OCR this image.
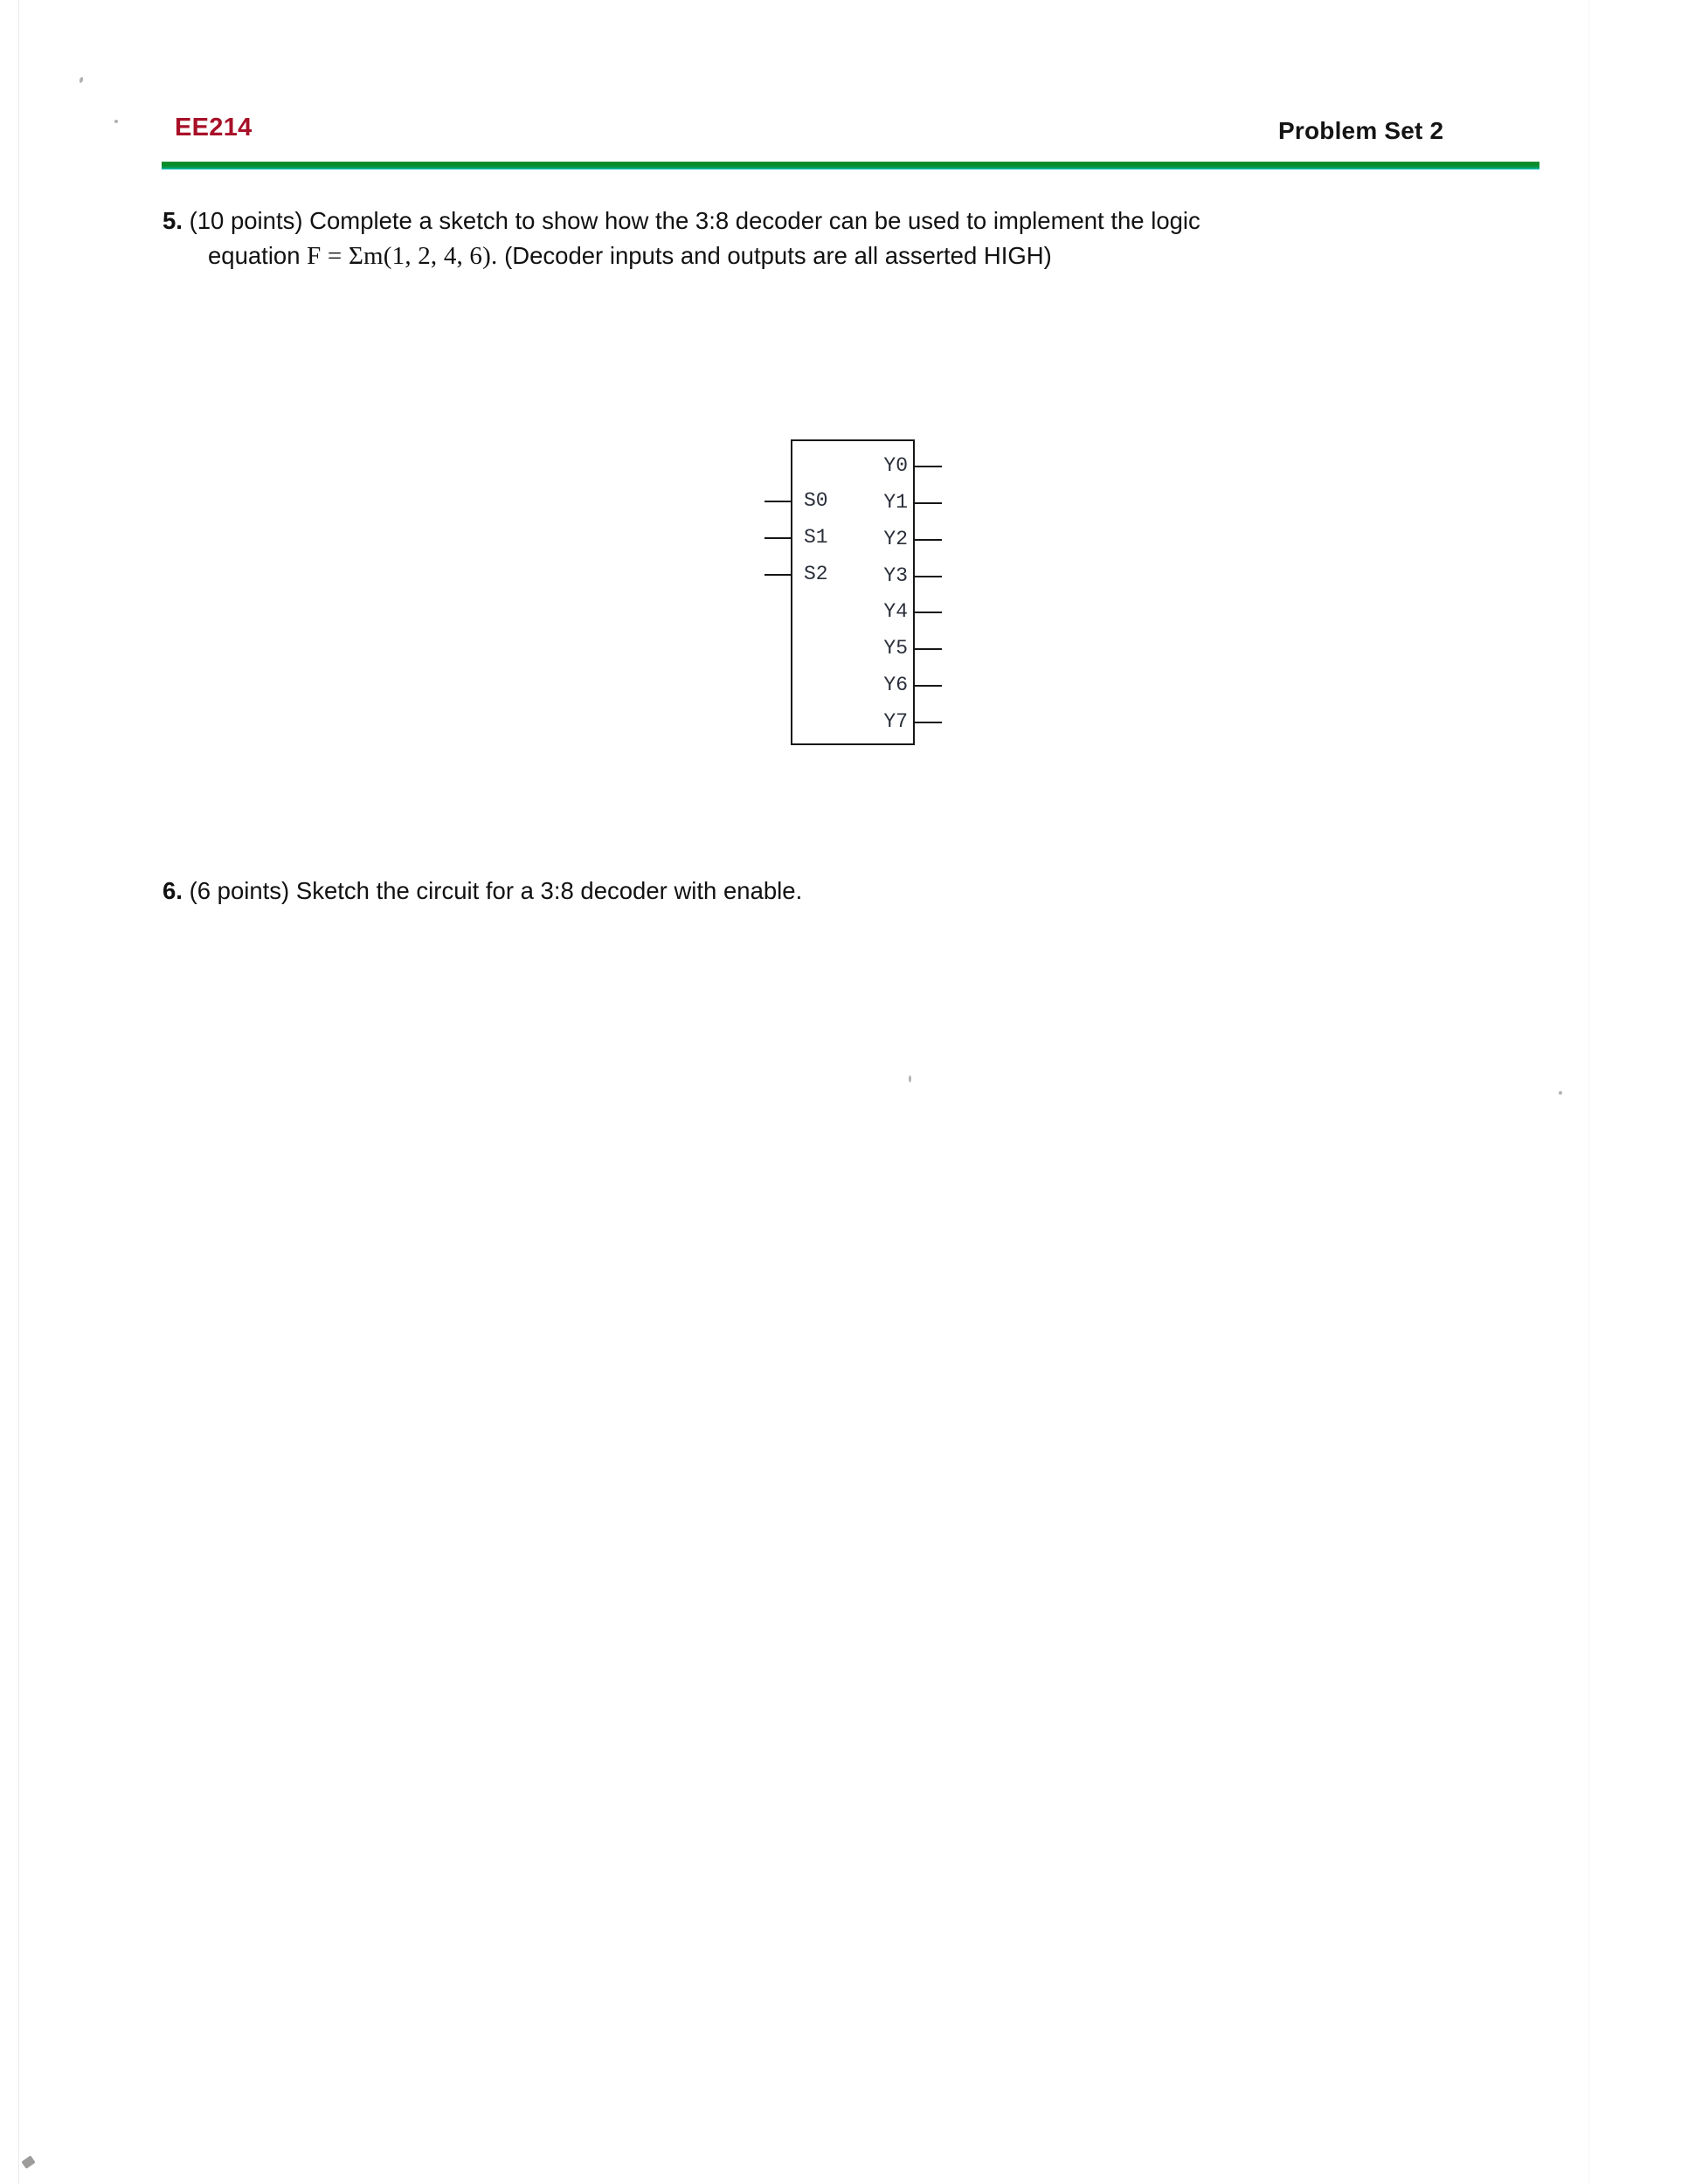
EE214	Problem Set 2
5. (10 points) Complete a sketch to show how the 3:8 decoder can be used to implement the logic
equation F = Σm(1, 2, 4, 6). (Decoder inputs and outputs are all asserted HIGH)
S0
S1
S2
Y0
Y1
Y2
Y3
Y4
Y5
Y6
Y7
6. (6 points) Sketch the circuit for a 3:8 decoder with enable.
